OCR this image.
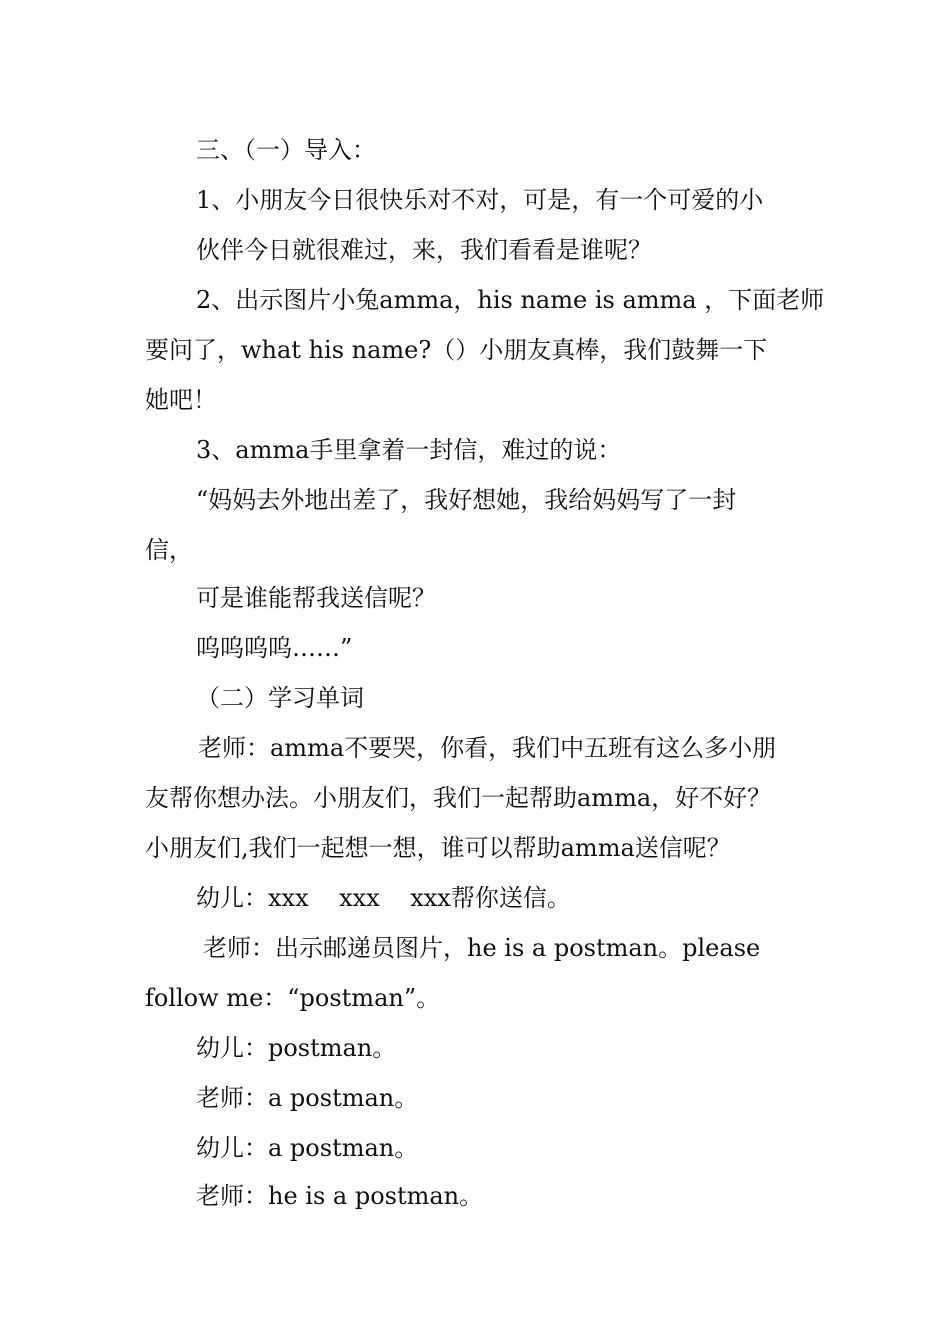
三、（一）导入：
1、小朋友今日很快乐对不对，可是，有一个可爱的小
伙伴今日就很难过，来，我们看看是谁呢？
2、出示图片小兔amma，his name is amma ，下面老师
要问了，what his name?（）小朋友真棒，我们鼓舞一下
她吧！
3、amma手里拿着一封信，难过的说：
“妈妈去外地出差了，我好想她，我给妈妈写了一封
信，
可是谁能帮我送信呢？
呜呜呜呜……”
（二）学习单词
老师：amma不要哭，你看，我们中五班有这么多小朋
友帮你想办法。小朋友们，我们一起帮助amma，好不好？
小朋友们,我们一起想一想，谁可以帮助amma送信呢？
幼儿：xxx    xxx    xxx帮你送信。
老师：出示邮递员图片，he is a postman。please
follow me：“postman”。
幼儿：postman。
老师：a postman。
幼儿：a postman。
老师：he is a postman。
